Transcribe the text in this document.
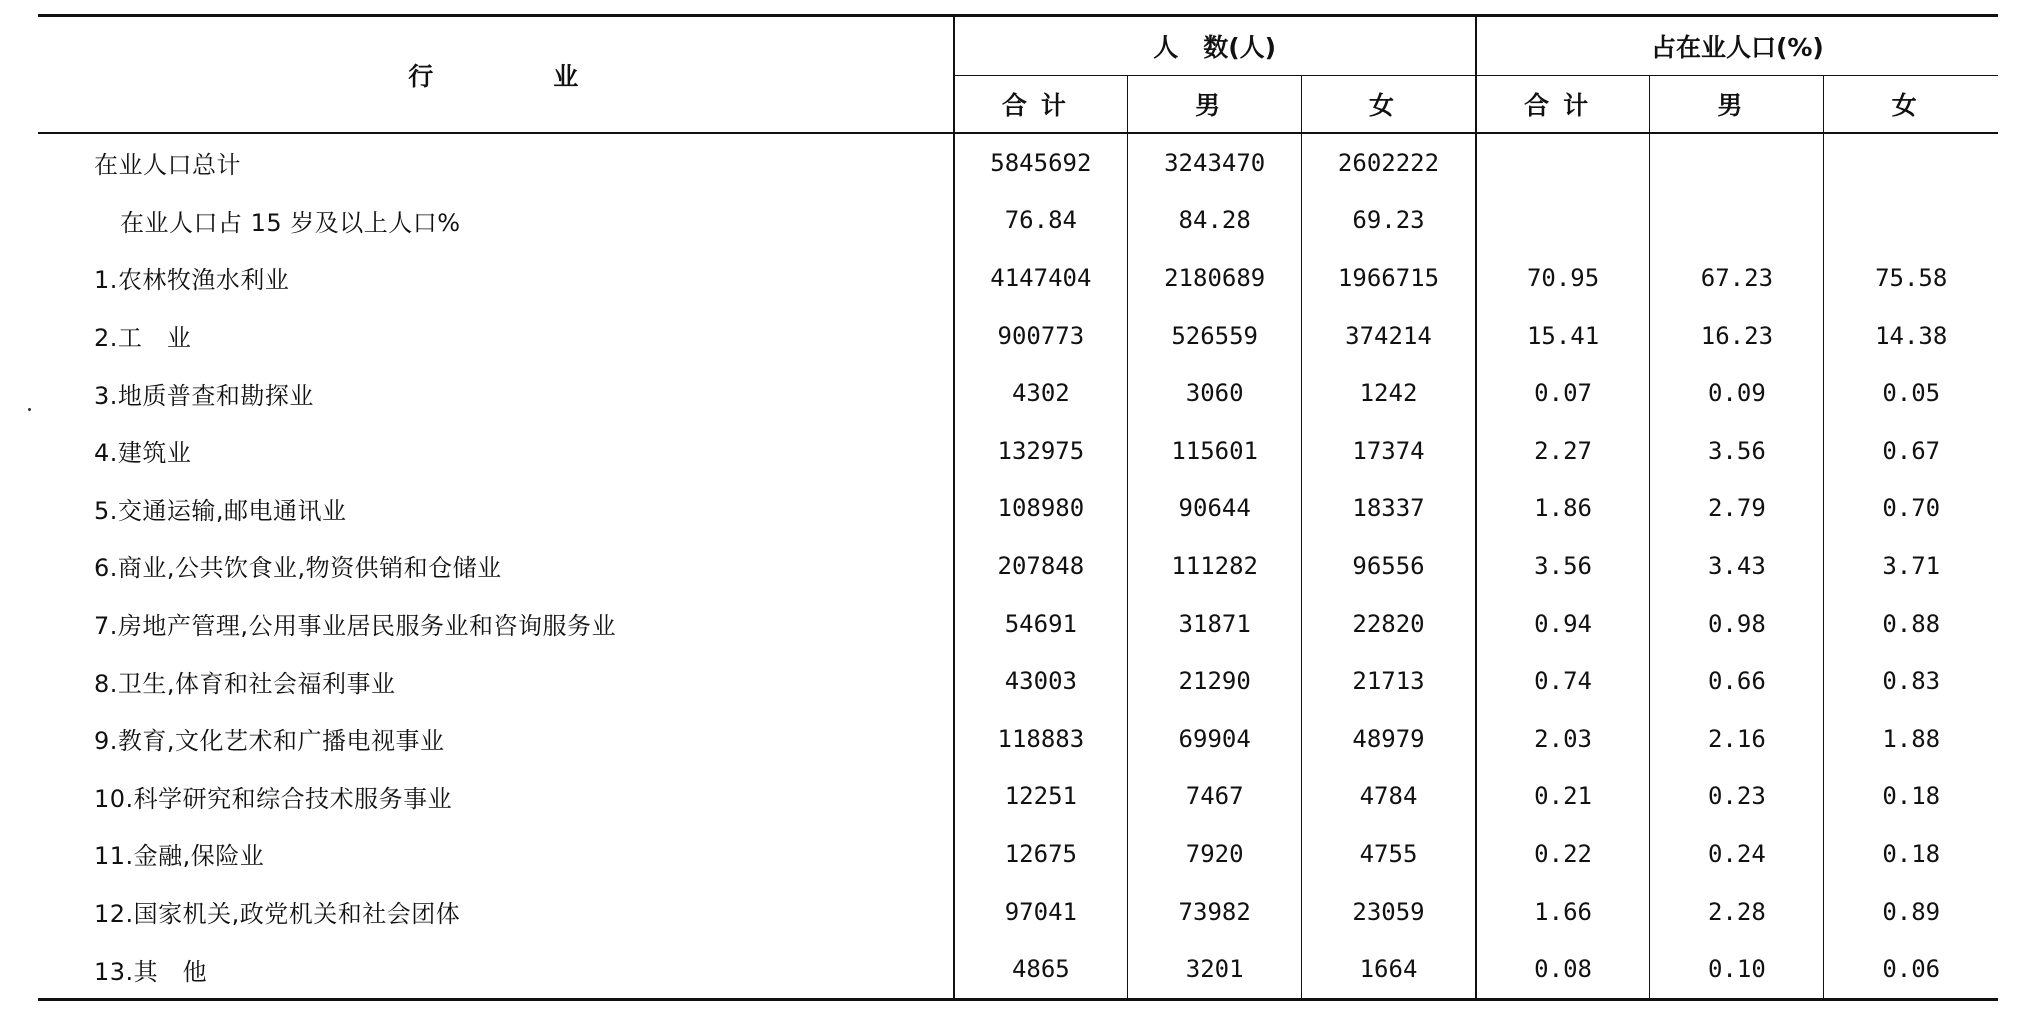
行　　　　业	人　数(人)			占在业人口(%)		
	合计	男	女	合计	男	女
在业人口总计	5845692	3243470	2602222			
在业人口占 15 岁及以上人口%	76.84	84.28	69.23			
1.农林牧渔水利业	4147404	2180689	1966715	70.95	67.23	75.58
2.工　业	900773	526559	374214	15.41	16.23	14.38
3.地质普查和勘探业	4302	3060	1242	0.07	0.09	0.05
4.建筑业	132975	115601	17374	2.27	3.56	0.67
5.交通运输,邮电通讯业	108980	90644	18337	1.86	2.79	0.70
6.商业,公共饮食业,物资供销和仓储业	207848	111282	96556	3.56	3.43	3.71
7.房地产管理,公用事业居民服务业和咨询服务业	54691	31871	22820	0.94	0.98	0.88
8.卫生,体育和社会福利事业	43003	21290	21713	0.74	0.66	0.83
9.教育,文化艺术和广播电视事业	118883	69904	48979	2.03	2.16	1.88
10.科学研究和综合技术服务事业	12251	7467	4784	0.21	0.23	0.18
11.金融,保险业	12675	7920	4755	0.22	0.24	0.18
12.国家机关,政党机关和社会团体	97041	73982	23059	1.66	2.28	0.89
13.其　他	4865	3201	1664	0.08	0.10	0.06
